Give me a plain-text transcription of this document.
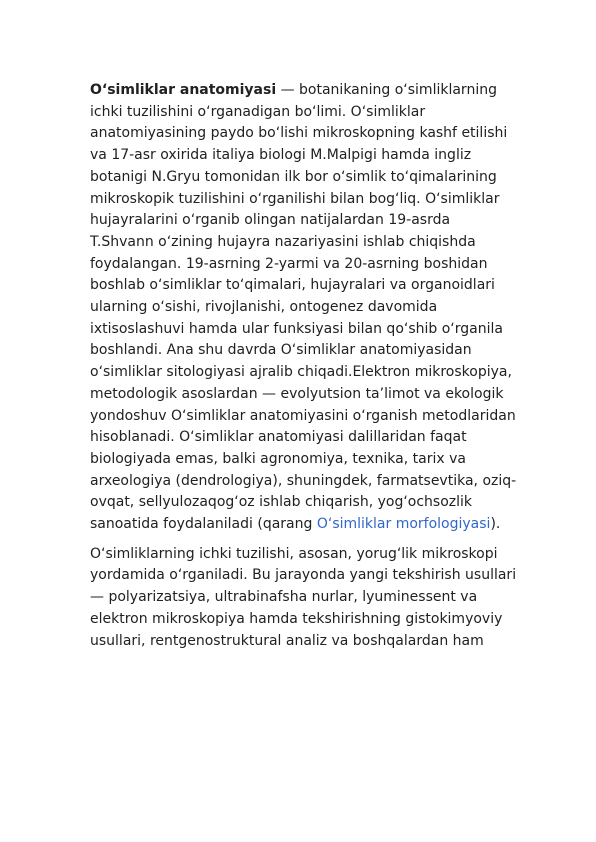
O‘simliklar anatomiyasi — botanikaning o‘simliklarning ichki tuzilishini o‘rganadigan bo‘limi. O‘simliklar anatomiyasining paydo bo‘lishi mikroskopning kashf etilishi va 17-asr oxirida italiya biologi M.Malpigi hamda ingliz botanigi N.Gryu tomonidan ilk bor o‘simlik to‘qimalarining mikroskopik tuzilishini o‘rganilishi bilan bog‘liq. O‘simliklar hujayralarini o‘rganib olingan natijalardan 19-asrda T.Shvann o‘zining hujayra nazariyasini ishlab chiqishda foydalangan. 19-asrning 2-yarmi va 20-asrning boshidan boshlab o‘simliklar to‘qimalari, hujayralari va organoidlari ularning o‘sishi, rivojlanishi, ontogenez davomida ixtisoslashuvi hamda ular funksiyasi bilan qo‘shib o‘rganila boshlandi. Ana shu davrda O‘simliklar anatomiyasidan o‘simliklar sitologiyasi ajralib chiqadi.Elektron mikroskopiya, metodologik asoslardan — evolyutsion ta’limot va ekologik yondoshuv O‘simliklar anatomiyasini o‘rganish metodlaridan hisoblanadi. O‘simliklar anatomiyasi dalillaridan faqat biologiyada emas, balki agronomiya, texnika, tarix va arxeologiya (dendrologiya), shuningdek, farmatsevtika, oziq-ovqat, sellyulozaqog‘oz ishlab chiqarish, yog‘ochsozlik sanoatida foydalaniladi (qarang O‘simliklar morfologiyasi).

O‘simliklarning ichki tuzilishi, asosan, yorug‘lik mikroskopi yordamida o‘rganiladi. Bu jarayonda yangi tekshirish usullari — polyarizatsiya, ultrabinafsha nurlar, lyuminessent va elektron mikroskopiya hamda tekshirishning gistokimyoviy usullari, rentgenostruktural analiz va boshqalardan ham
